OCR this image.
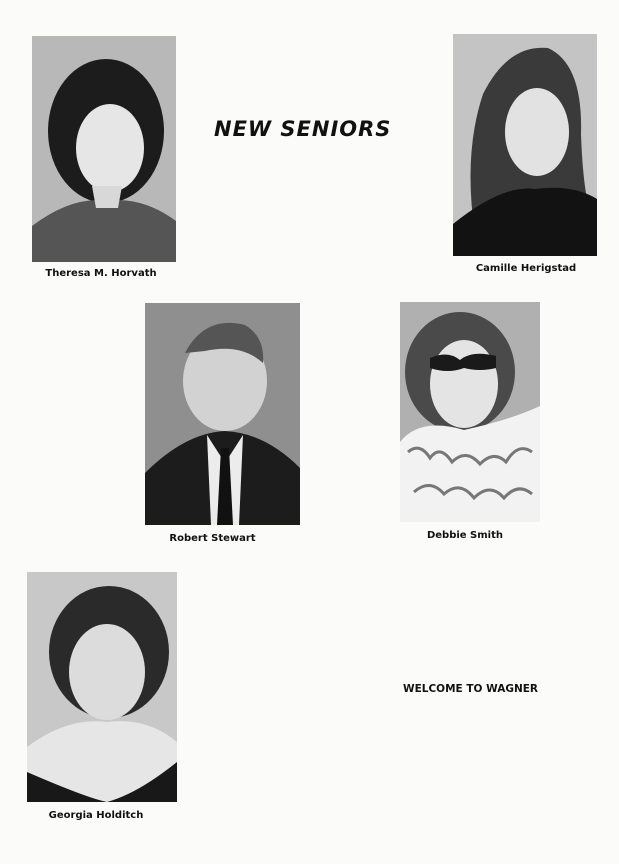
NEW SENIORS
Theresa M. Horvath	Camille Herigstad
Robert Stewart	Debbie Smith
Georgia Holditch
WELCOME TO WAGNER
